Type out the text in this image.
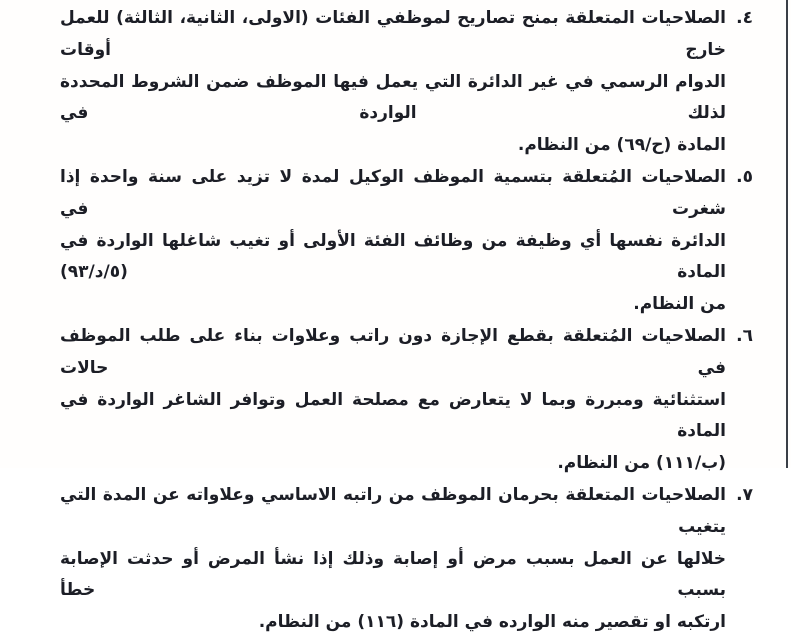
٤.
الصلاحيات المتعلقة بمنح تصاريح لموظفي الفئات (الاولى، الثانية، الثالثة) للعمل خارج أوقات
الدوام الرسمي في غير الدائرة التي يعمل فيها الموظف ضمن الشروط المحددة لذلك الواردة في
المادة (ح/٦٩) من النظام.
٥.
الصلاحيات المُتعلقة بتسمية الموظف الوكيل لمدة لا تزيد على سنة واحدة إذا شغرت في
الدائرة نفسها أي وظيفة من وظائف الفئة الأولى أو تغيب شاغلها الواردة في المادة (٥/د/٩٣)
من النظام.
٦.
الصلاحيات المُتعلقة بقطع الإجازة دون راتب وعلاوات بناء على طلب الموظف في حالات
استثنائية ومبررة وبما لا يتعارض مع مصلحة العمل وتوافر الشاغر الواردة في المادة
(ب/١١١) من النظام.
٧.
الصلاحيات المتعلقة بحرمان الموظف من راتبه الاساسي وعلاواته عن المدة التي يتغيب
خلالها عن العمل بسبب مرض أو إصابة وذلك إذا نشأ المرض أو حدثت الإصابة بسبب خطأ
ارتكبه او تقصير منه الوارده في المادة (١١٦) من النظام.
